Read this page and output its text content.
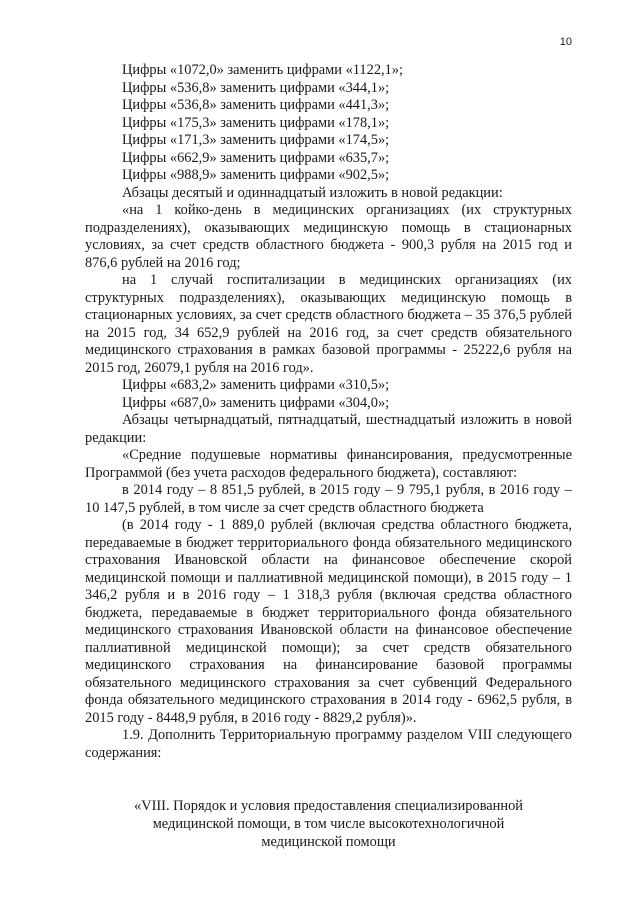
10

Цифры «1072,0» заменить цифрами «1122,1»;

Цифры «536,8» заменить цифрами «344,1»;

Цифры «536,8» заменить цифрами «441,3»;

Цифры «175,3» заменить цифрами «178,1»;

Цифры «171,3» заменить цифрами «174,5»;

Цифры «662,9» заменить цифрами «635,7»;

Цифры «988,9» заменить цифрами «902,5»;

Абзацы десятый и одиннадцатый изложить в новой редакции:

«на 1 койко-день в медицинских организациях (их структурных подразделениях), оказывающих медицинскую помощь в стационарных условиях, за счет средств областного бюджета - 900,3 рубля на 2015 год и 876,6 рублей на 2016 год;

на 1 случай госпитализации в медицинских организациях (их структурных подразделениях), оказывающих медицинскую помощь в стационарных условиях, за счет средств областного бюджета – 35 376,5 рублей на 2015 год, 34 652,9 рублей на 2016 год, за счет средств обязательного медицинского страхования в рамках базовой программы - 25222,6 рубля на 2015 год, 26079,1 рубля на 2016 год».

Цифры «683,2» заменить цифрами «310,5»;

Цифры «687,0» заменить цифрами «304,0»;

Абзацы четырнадцатый, пятнадцатый, шестнадцатый изложить в новой редакции:

«Средние подушевые нормативы финансирования, предусмотренные Программой (без учета расходов федерального бюджета), составляют:

в 2014 году – 8 851,5 рублей, в 2015 году – 9 795,1 рубля, в 2016 году – 10 147,5 рублей, в том числе за счет средств областного бюджета

(в 2014 году - 1 889,0 рублей (включая средства областного бюджета, передаваемые в бюджет территориального фонда обязательного медицинского страхования Ивановской области на финансовое обеспечение скорой медицинской помощи и паллиативной медицинской помощи), в 2015 году – 1 346,2 рубля и в 2016 году – 1 318,3 рубля (включая средства областного бюджета, передаваемые в бюджет территориального фонда обязательного медицинского страхования Ивановской области на финансовое обеспечение паллиативной медицинской помощи); за счет средств обязательного медицинского страхования на финансирование базовой программы обязательного медицинского страхования за счет субвенций Федерального фонда обязательного медицинского страхования в 2014 году - 6962,5 рубля, в 2015 году - 8448,9 рубля, в 2016 году - 8829,2 рубля)».

1.9. Дополнить Территориальную программу разделом VIII следующего содержания:

«VIII. Порядок и условия предоставления специализированной
медицинской помощи, в том числе высокотехнологичной
медицинской помощи
